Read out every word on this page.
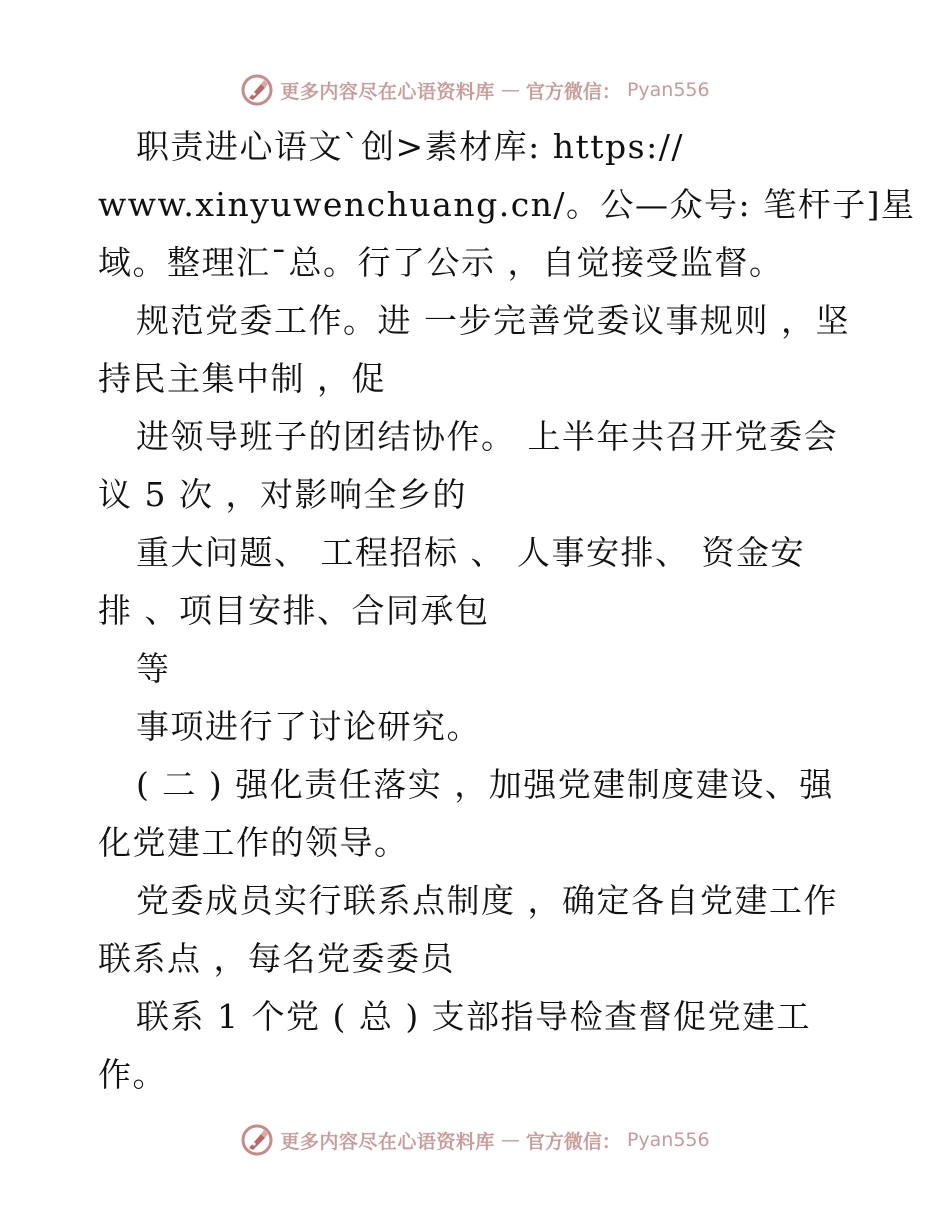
更多内容尽在心语资料库 — 官方微信： Pyan556
职责进心语文`创>素材库: https://
www.xinyuwenchuang.cn/。公—众号: 笔杆子]星
域。整理汇¯总。行了公示 ，自觉接受监督。
规范党委工作。进 一步完善党委议事规则 ，坚
持民主集中制 ，促
进领导班子的团结协作。 上半年共召开党委会
议 5 次 ，对影响全乡的
重大问题、 工程招标 、 人事安排、 资金安
排 、项目安排、合同承包
等
事项进行了讨论研究。
( 二 ) 强化责任落实 ，加强党建制度建设、强
化党建工作的领导。
党委成员实行联系点制度 ，确定各自党建工作
联系点 ，每名党委委员
联系 1 个党 ( 总 ) 支部指导检查督促党建工
作。
更多内容尽在心语资料库 — 官方微信： Pyan556
